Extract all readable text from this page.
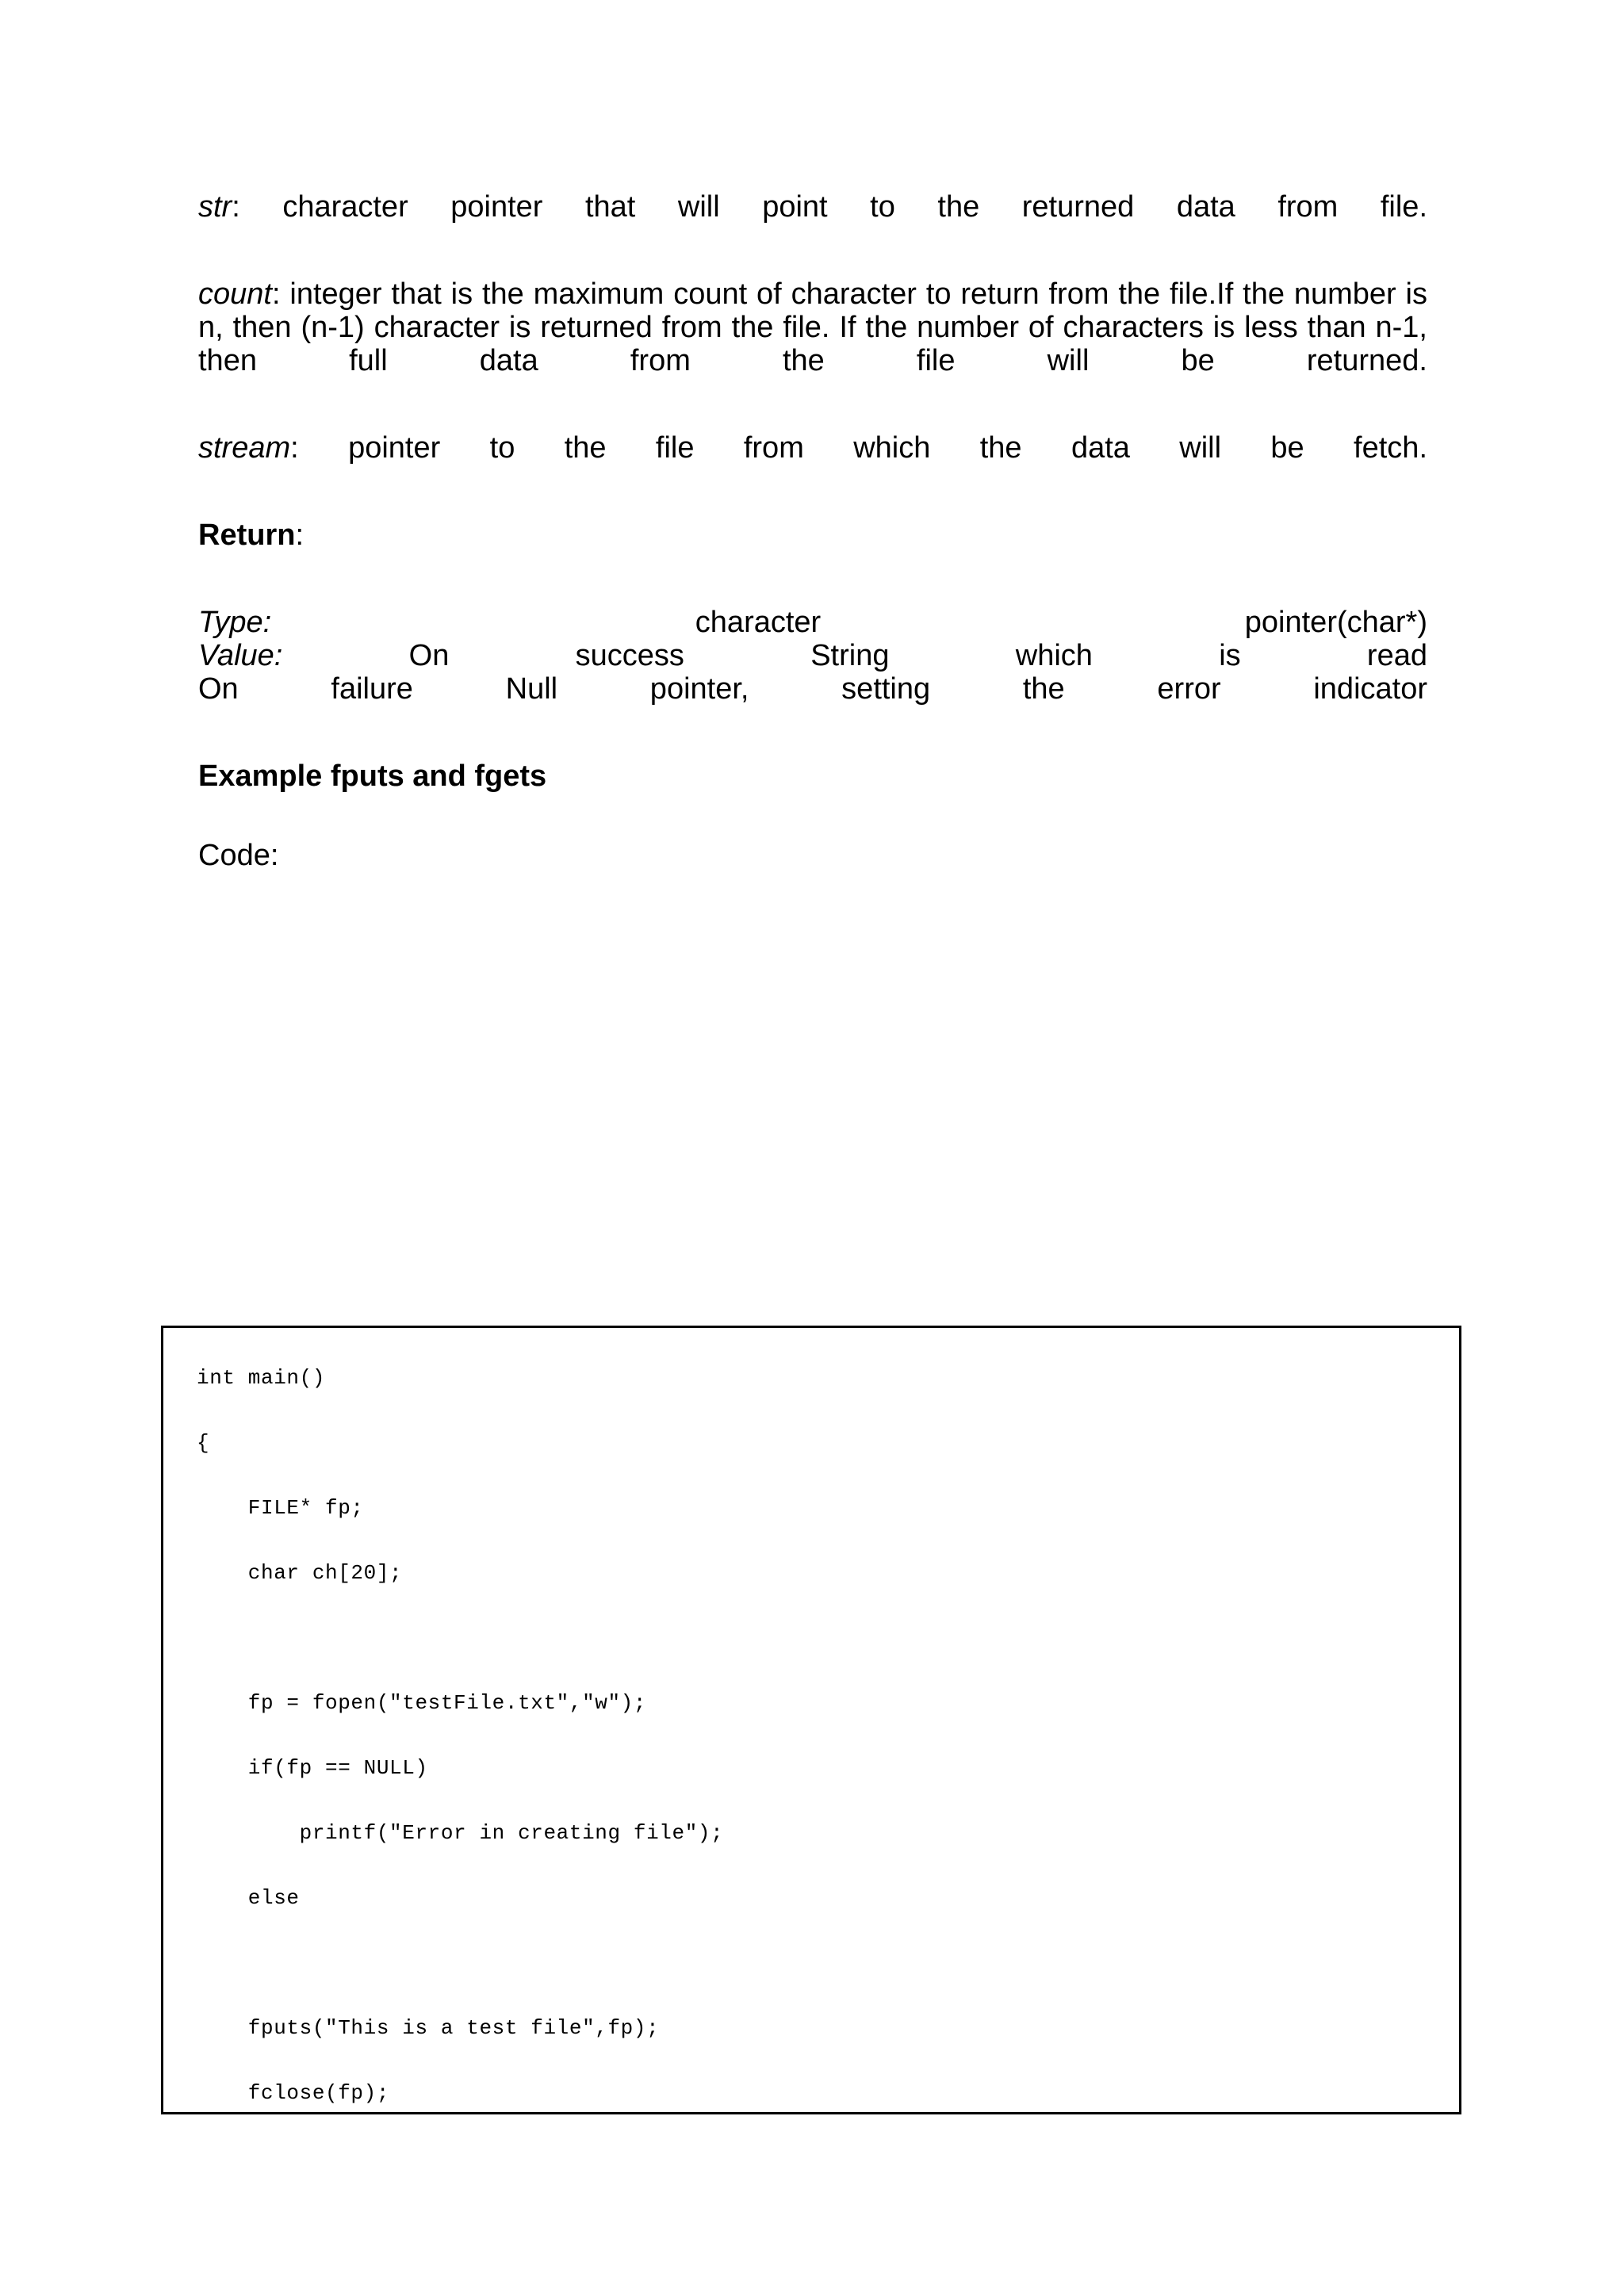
str: character pointer that will point to the returned data from file.

count: integer that is the maximum count of character to return from the file.If the number is n, then (n-1) character is returned from the file. If the number of characters is less than n-1, then full data from the file will be returned.

stream: pointer to the file from which the data will be fetch.

Return:

Type:	character	pointer(char*)

Value:	On success String which is read

On failure Null pointer, setting the error indicator

Example fputs and fgets

Code:

int main()
{
FILE* fp;
char ch[20];
fp = fopen("testFile.txt","w");
if(fp == NULL)
printf("Error in creating file");
else
fputs("This is a test file",fp);
fclose(fp);
